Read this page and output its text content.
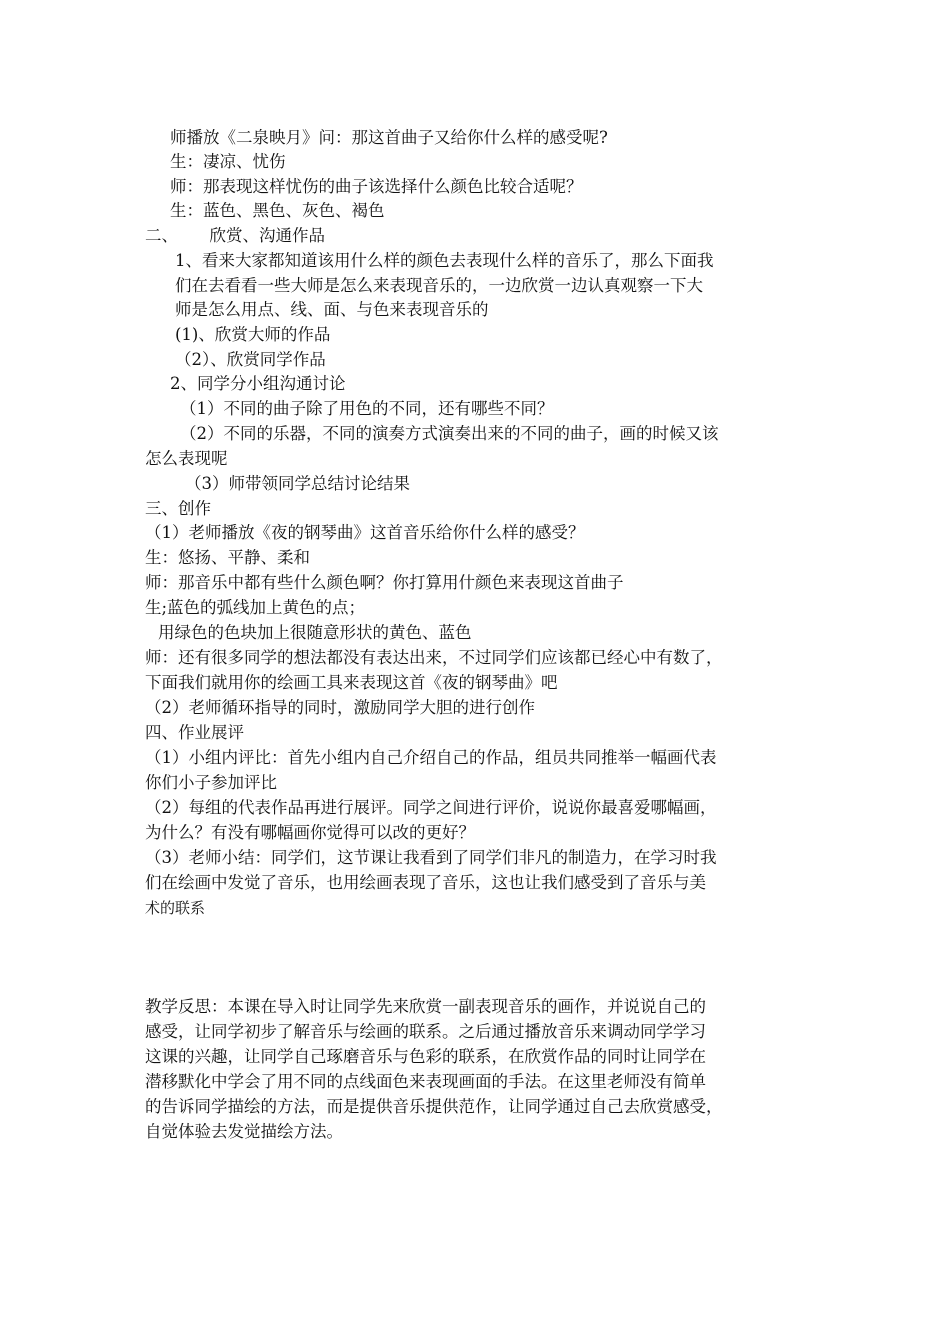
师播放《二泉映月》问：那这首曲子又给你什么样的感受呢?
生：凄凉、忧伤
师：那表现这样忧伤的曲子该选择什么颜色比较合适呢？
生：蓝色、黑色、灰色、褐色
二、      欣赏、沟通作品
1、看来大家都知道该用什么样的颜色去表现什么样的音乐了，那么下面我
们在去看看一些大师是怎么来表现音乐的，一边欣赏一边认真观察一下大
师是怎么用点、线、面、与色来表现音乐的
(1)、欣赏大师的作品
（2）、欣赏同学作品
2、同学分小组沟通讨论
（1）不同的曲子除了用色的不同，还有哪些不同？
（2）不同的乐器，不同的演奏方式演奏出来的不同的曲子，画的时候又该
怎么表现呢
（3）师带领同学总结讨论结果
三、创作
（1）老师播放《夜的钢琴曲》这首音乐给你什么样的感受？
生：悠扬、平静、柔和
师：那音乐中都有些什么颜色啊？你打算用什颜色来表现这首曲子
生;蓝色的弧线加上黄色的点；
用绿色的色块加上很随意形状的黄色、蓝色
师：还有很多同学的想法都没有表达出来，不过同学们应该都已经心中有数了，
下面我们就用你的绘画工具来表现这首《夜的钢琴曲》吧
（2）老师循环指导的同时，激励同学大胆的进行创作
四、作业展评
（1）小组内评比：首先小组内自己介绍自己的作品，组员共同推举一幅画代表
你们小子参加评比
（2）每组的代表作品再进行展评。同学之间进行评价，说说你最喜爱哪幅画，
为什么？有没有哪幅画你觉得可以改的更好？
（3）老师小结：同学们，这节课让我看到了同学们非凡的制造力，在学习时我
们在绘画中发觉了音乐，也用绘画表现了音乐，这也让我们感受到了音乐与美
术的联系
教学反思：本课在导入时让同学先来欣赏一副表现音乐的画作，并说说自己的
感受，让同学初步了解音乐与绘画的联系。之后通过播放音乐来调动同学学习
这课的兴趣，让同学自己琢磨音乐与色彩的联系，在欣赏作品的同时让同学在
潜移默化中学会了用不同的点线面色来表现画面的手法。在这里老师没有简单
的告诉同学描绘的方法，而是提供音乐提供范作，让同学通过自己去欣赏感受，
自觉体验去发觉描绘方法。
